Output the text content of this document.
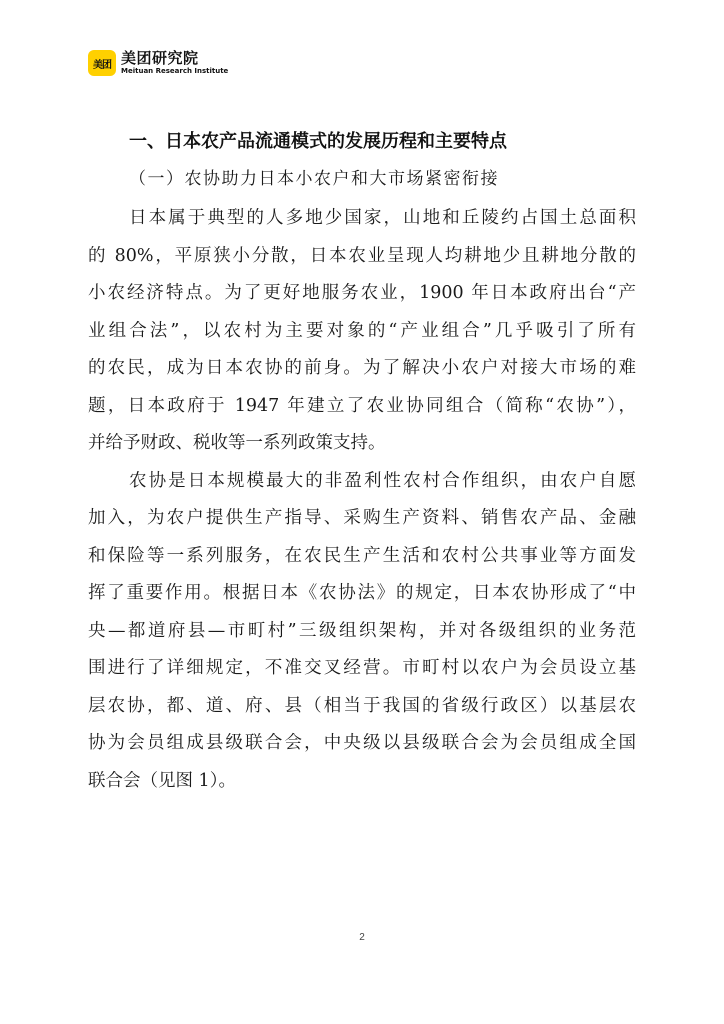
美团 美团研究院
Meituan Research Institute
一、日本农产品流通模式的发展历程和主要特点
（一）农协助力日本小农户和大市场紧密衔接
日本属于典型的人多地少国家，山地和丘陵约占国土总面积
的 80%，平原狭小分散，日本农业呈现人均耕地少且耕地分散的
小农经济特点。为了更好地服务农业，1900 年日本政府出台“产
业组合法”，以农村为主要对象的“产业组合”几乎吸引了所有
的农民，成为日本农协的前身。为了解决小农户对接大市场的难
题，日本政府于 1947 年建立了农业协同组合（简称“农协”），
并给予财政、税收等一系列政策支持。
农协是日本规模最大的非盈利性农村合作组织，由农户自愿
加入，为农户提供生产指导、采购生产资料、销售农产品、金融
和保险等一系列服务，在农民生产生活和农村公共事业等方面发
挥了重要作用。根据日本《农协法》的规定，日本农协形成了“中
央—都道府县—市町村”三级组织架构，并对各级组织的业务范
围进行了详细规定，不准交叉经营。市町村以农户为会员设立基
层农协，都、道、府、县（相当于我国的省级行政区）以基层农
协为会员组成县级联合会，中央级以县级联合会为会员组成全国
联合会（见图 1）。
2
